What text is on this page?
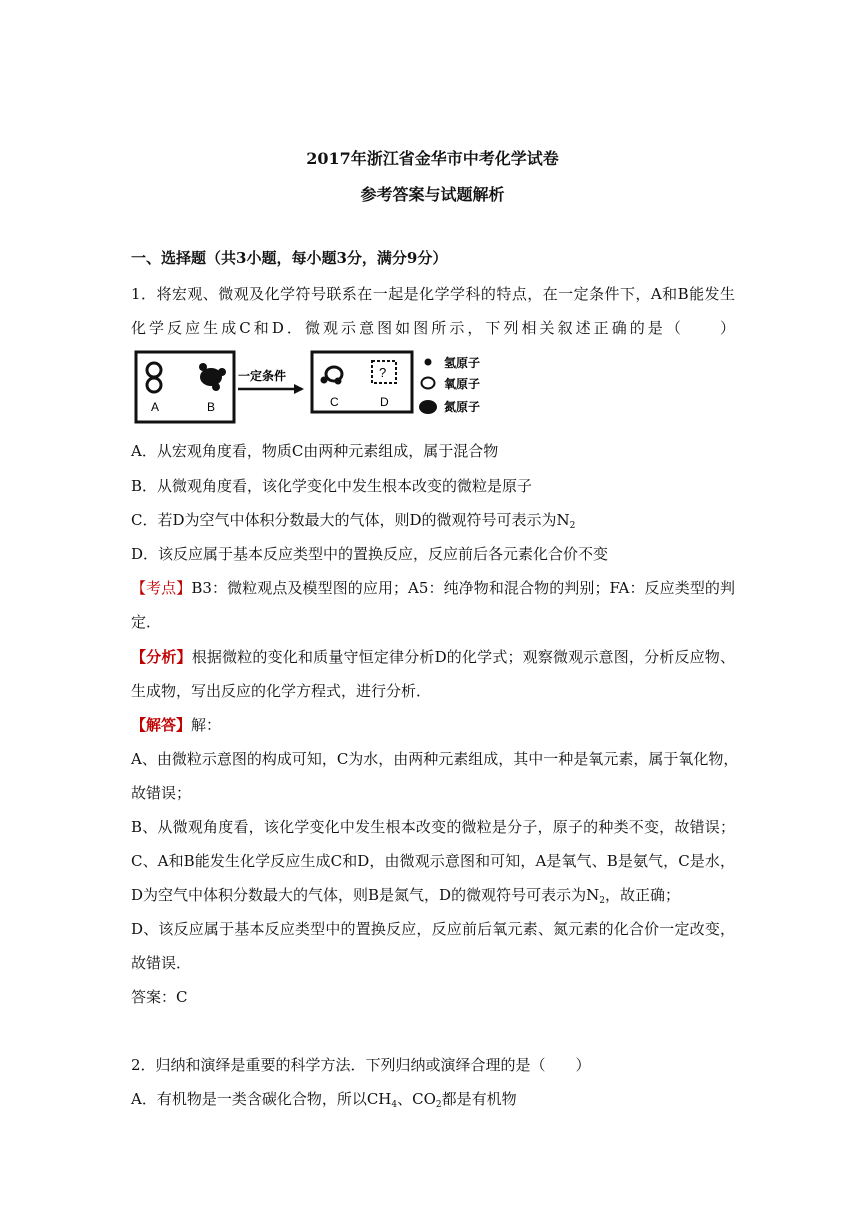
2017年浙江省金华市中考化学试卷
参考答案与试题解析
一、选择题（共3小题，每小题3分，满分9分）
1．将宏观、微观及化学符号联系在一起是化学学科的特点，在一定条件下，A和B能发生
化学反应生成C和D．微观示意图如图所示，下列相关叙述正确的是（　　）
A	B
一定条件	?
C	D
氢原子
氧原子
氮原子
A．从宏观角度看，物质C由两种元素组成，属于混合物
B．从微观角度看，该化学变化中发生根本改变的微粒是原子
C．若D为空气中体积分数最大的气体，则D的微观符号可表示为$N_2$
D．该反应属于基本反应类型中的置换反应，反应前后各元素化合价不变
【考点】B3：微粒观点及模型图的应用；A5：纯净物和混合物的判别；FA：反应类型的判
定．
【分析】根据微粒的变化和质量守恒定律分析D的化学式；观察微观示意图，分析反应物、
生成物，写出反应的化学方程式，进行分析．
【解答】解：
A、由微粒示意图的构成可知，C为水，由两种元素组成，其中一种是氧元素，属于氧化物，
故错误；
B、从微观角度看，该化学变化中发生根本改变的微粒是分子，原子的种类不变，故错误；
C、A和B能发生化学反应生成C和D，由微观示意图和可知，A是氧气、B是氨气，C是水，
D为空气中体积分数最大的气体，则B是氮气，D的微观符号可表示为$N_2$，故正确；
D、该反应属于基本反应类型中的置换反应，反应前后氧元素、氮元素的化合价一定改变，
故错误．
答案：C
2．归纳和演绎是重要的科学方法．下列归纳或演绎合理的是（　　）
A．有机物是一类含碳化合物，所以$CH_4$、$CO_2$都是有机物
